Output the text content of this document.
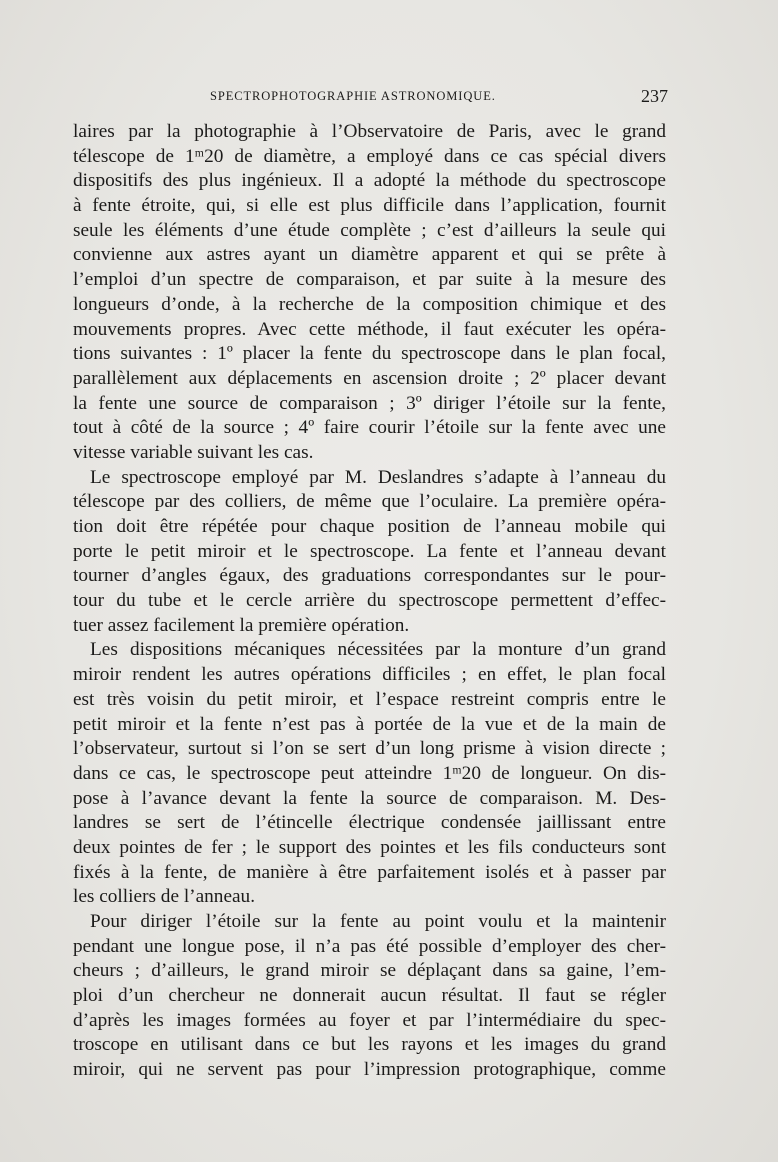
SPECTROPHOTOGRAPHIE ASTRONOMIQUE.	237
laires par la photographie à l’Observatoire de Paris, avec le grand
télescope de 1ᵐ20 de diamètre, a employé dans ce cas spécial divers
dispositifs des plus ingénieux. Il a adopté la méthode du spectroscope
à fente étroite, qui, si elle est plus difficile dans l’application, fournit
seule les éléments d’une étude complète ; c’est d’ailleurs la seule qui
convienne aux astres ayant un diamètre apparent et qui se prête à
l’emploi d’un spectre de comparaison, et par suite à la mesure des
longueurs d’onde, à la recherche de la composition chimique et des
mouvements propres. Avec cette méthode, il faut exécuter les opéra-
tions suivantes : 1º placer la fente du spectroscope dans le plan focal,
parallèlement aux déplacements en ascension droite ; 2º placer devant
la fente une source de comparaison ; 3º diriger l’étoile sur la fente,
tout à côté de la source ; 4º faire courir l’étoile sur la fente avec une
vitesse variable suivant les cas.
Le spectroscope employé par M. Deslandres s’adapte à l’anneau du
télescope par des colliers, de même que l’oculaire. La première opéra-
tion doit être répétée pour chaque position de l’anneau mobile qui
porte le petit miroir et le spectroscope. La fente et l’anneau devant
tourner d’angles égaux, des graduations correspondantes sur le pour-
tour du tube et le cercle arrière du spectroscope permettent d’effec-
tuer assez facilement la première opération.
Les dispositions mécaniques nécessitées par la monture d’un grand
miroir rendent les autres opérations difficiles ; en effet, le plan focal
est très voisin du petit miroir, et l’espace restreint compris entre le
petit miroir et la fente n’est pas à portée de la vue et de la main de
l’observateur, surtout si l’on se sert d’un long prisme à vision directe ;
dans ce cas, le spectroscope peut atteindre 1ᵐ20 de longueur. On dis-
pose à l’avance devant la fente la source de comparaison. M. Des-
landres se sert de l’étincelle électrique condensée jaillissant entre
deux pointes de fer ; le support des pointes et les fils conducteurs sont
fixés à la fente, de manière à être parfaitement isolés et à passer par
les colliers de l’anneau.
Pour diriger l’étoile sur la fente au point voulu et la maintenir
pendant une longue pose, il n’a pas été possible d’employer des cher-
cheurs ; d’ailleurs, le grand miroir se déplaçant dans sa gaine, l’em-
ploi d’un chercheur ne donnerait aucun résultat. Il faut se régler
d’après les images formées au foyer et par l’intermédiaire du spec-
troscope en utilisant dans ce but les rayons et les images du grand
miroir, qui ne servent pas pour l’impression protographique, comme
